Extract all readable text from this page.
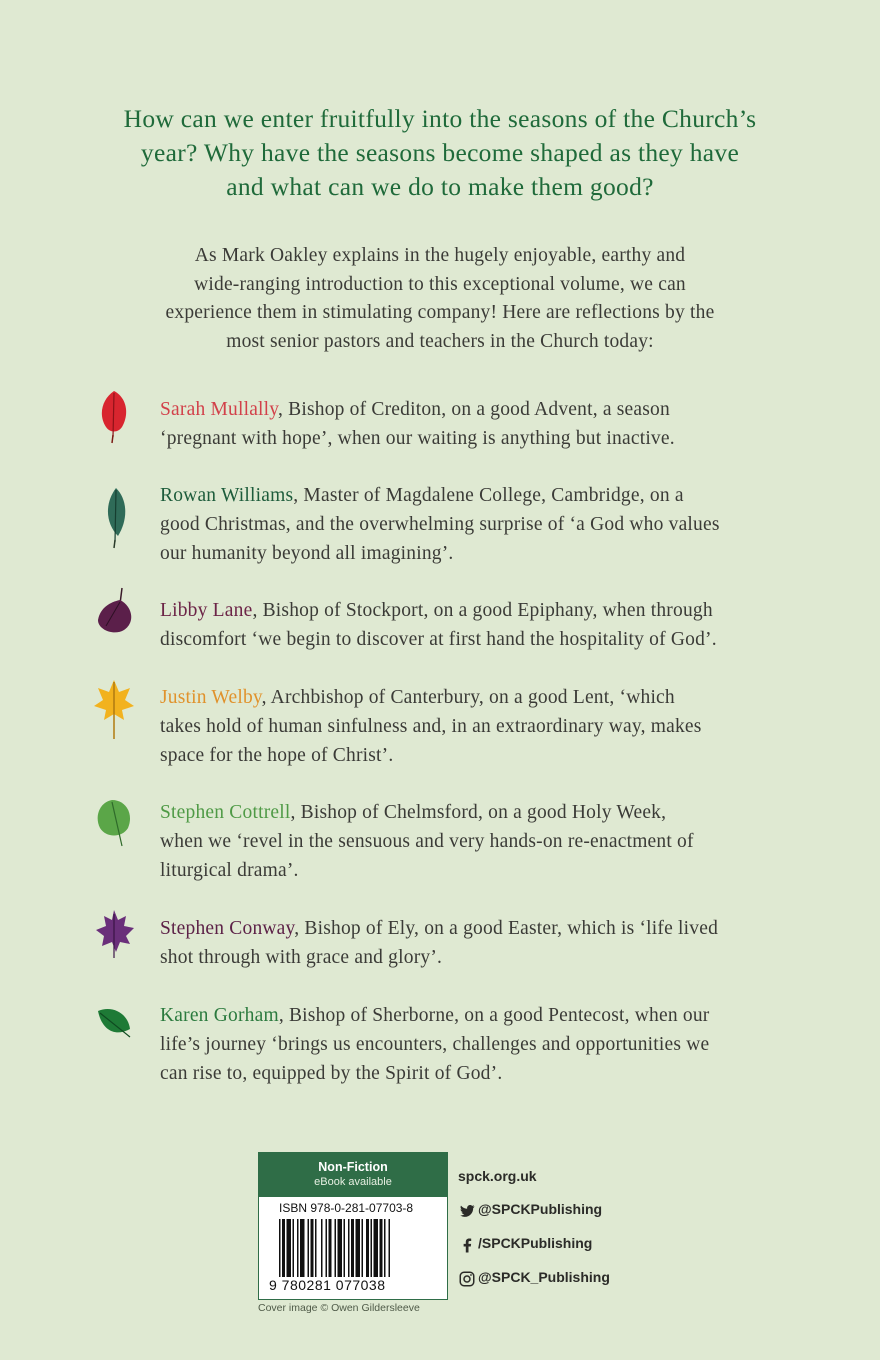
How can we enter fruitfully into the seasons of the Church’s
year? Why have the seasons become shaped as they have
and what can we do to make them good?
As Mark Oakley explains in the hugely enjoyable, earthy and
wide-ranging introduction to this exceptional volume, we can
experience them in stimulating company! Here are reflections by the
most senior pastors and teachers in the Church today:
Sarah Mullally, Bishop of Crediton, on a good Advent, a season
‘pregnant with hope’, when our waiting is anything but inactive.
Rowan Williams, Master of Magdalene College, Cambridge, on a
good Christmas, and the overwhelming surprise of ‘a God who values
our humanity beyond all imagining’.
Libby Lane, Bishop of Stockport, on a good Epiphany, when through
discomfort ‘we begin to discover at first hand the hospitality of God’.
Justin Welby, Archbishop of Canterbury, on a good Lent, ‘which
takes hold of human sinfulness and, in an extraordinary way, makes
space for the hope of Christ’.
Stephen Cottrell, Bishop of Chelmsford, on a good Holy Week,
when we ‘revel in the sensuous and very hands-on re-enactment of
liturgical drama’.
Stephen Conway, Bishop of Ely, on a good Easter, which is ‘life lived
shot through with grace and glory’.
Karen Gorham, Bishop of Sherborne, on a good Pentecost, when our
life’s journey ‘brings us encounters, challenges and opportunities we
can rise to, equipped by the Spirit of God’.
Non-Fiction
eBook available
ISBN 978-0-281-07703-8
9 780281 077038
Cover image © Owen Gildersleeve
spck.org.uk
@SPCKPublishing
/SPCKPublishing
@SPCK_Publishing
